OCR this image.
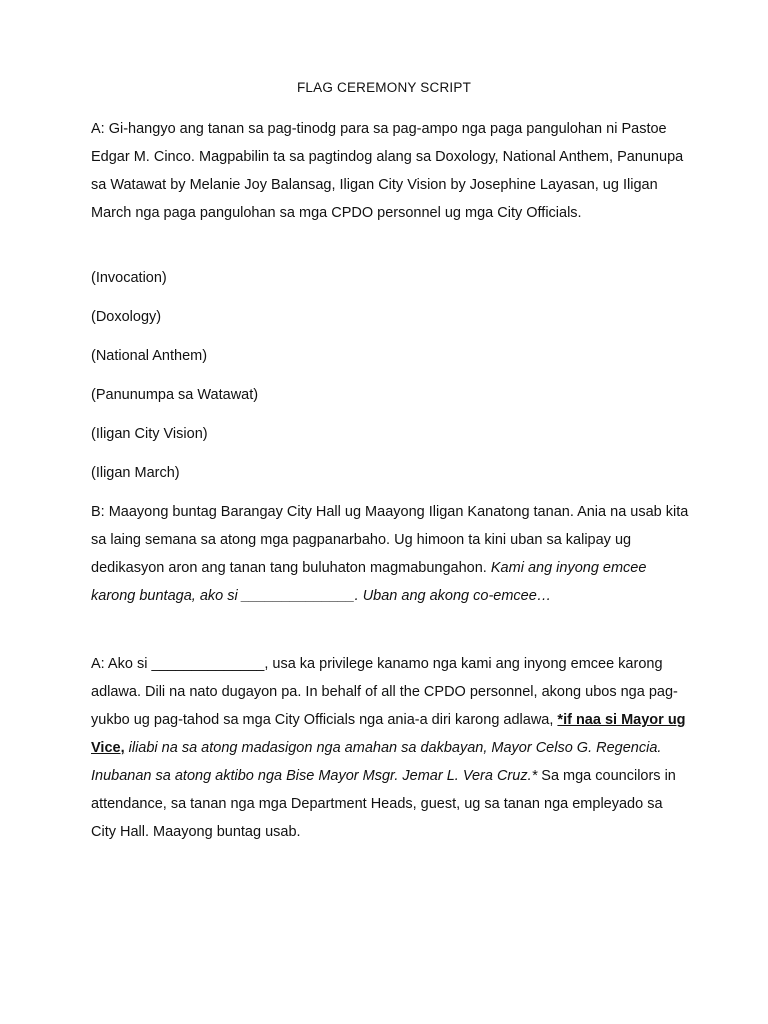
FLAG CEREMONY SCRIPT

A: Gi-hangyo ang tanan sa pag-tinodg para sa pag-ampo nga paga pangulohan ni Pastoe Edgar M. Cinco. Magpabilin ta sa pagtindog alang sa Doxology, National Anthem, Panunupa sa Watawat by Melanie Joy Balansag, Iligan City Vision by Josephine Layasan, ug Iligan March nga paga pangulohan sa mga CPDO personnel ug mga City Officials.

(Invocation)

(Doxology)

(National Anthem)

(Panunumpa sa Watawat)

(Iligan City Vision)

(Iligan March)

B: Maayong buntag Barangay City Hall ug Maayong Iligan Kanatong tanan. Ania na usab kita sa laing semana sa atong mga pagpanarbaho. Ug himoon ta kini uban sa kalipay ug dedikasyon aron ang tanan tang buluhaton magmabungahon. Kami ang inyong emcee karong buntaga, ako si ______________. Uban ang akong co-emcee…

A: Ako si ______________, usa ka privilege kanamo nga kami ang inyong emcee karong adlawa. Dili na nato dugayon pa. In behalf of all the CPDO personnel, akong ubos nga pag-yukbo ug pag-tahod sa mga City Officials nga ania-a diri karong adlawa, *if naa si Mayor ug Vice, iliabi na sa atong madasigon nga amahan sa dakbayan, Mayor Celso G. Regencia. Inubanan sa atong aktibo nga Bise Mayor Msgr. Jemar L. Vera Cruz.* Sa mga councilors in attendance, sa tanan nga mga Department Heads, guest, ug sa tanan nga empleyado sa City Hall. Maayong buntag usab.
